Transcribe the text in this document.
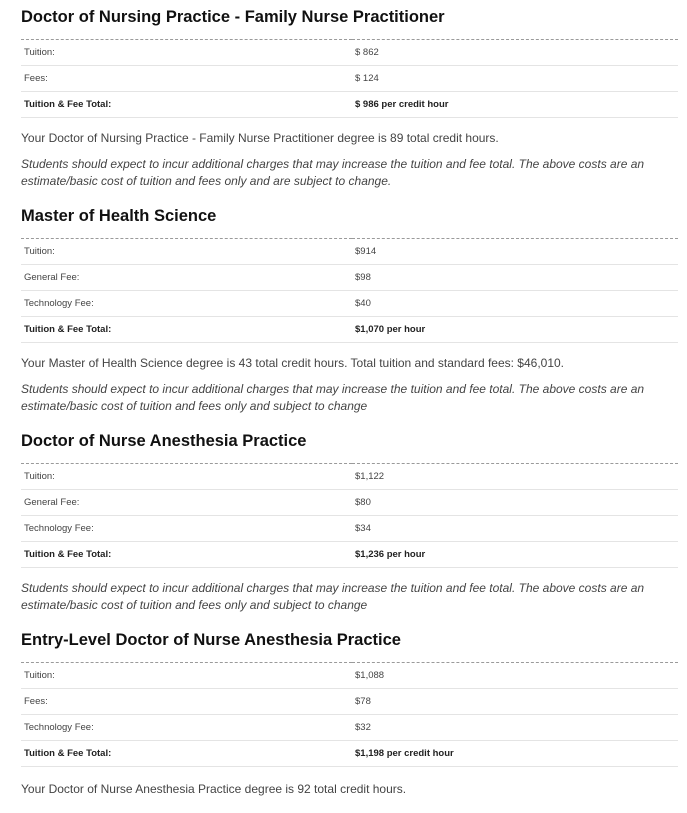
Doctor of Nursing Practice - Family Nurse Practitioner
Tuition:	$ 862
Fees:	$ 124
Tuition & Fee Total:	$ 986 per credit hour

Your Doctor of Nursing Practice - Family Nurse Practitioner degree is 89 total credit hours.

Students should expect to incur additional charges that may increase the tuition and fee total. The above costs are an estimate/basic cost of tuition and fees only and are subject to change.

Master of Health Science
Tuition:	$914
General Fee:	$98
Technology Fee:	$40
Tuition & Fee Total:	$1,070 per hour

Your Master of Health Science degree is 43 total credit hours. Total tuition and standard fees: $46,010.

Students should expect to incur additional charges that may increase the tuition and fee total. The above costs are an estimate/basic cost of tuition and fees only and subject to change

Doctor of Nurse Anesthesia Practice
Tuition:	$1,122
General Fee:	$80
Technology Fee:	$34
Tuition & Fee Total:	$1,236 per hour

Students should expect to incur additional charges that may increase the tuition and fee total. The above costs are an estimate/basic cost of tuition and fees only and subject to change

Entry-Level Doctor of Nurse Anesthesia Practice
Tuition:	$1,088
Fees:	$78
Technology Fee:	$32
Tuition & Fee Total:	$1,198 per credit hour

Your Doctor of Nurse Anesthesia Practice degree is 92 total credit hours.
